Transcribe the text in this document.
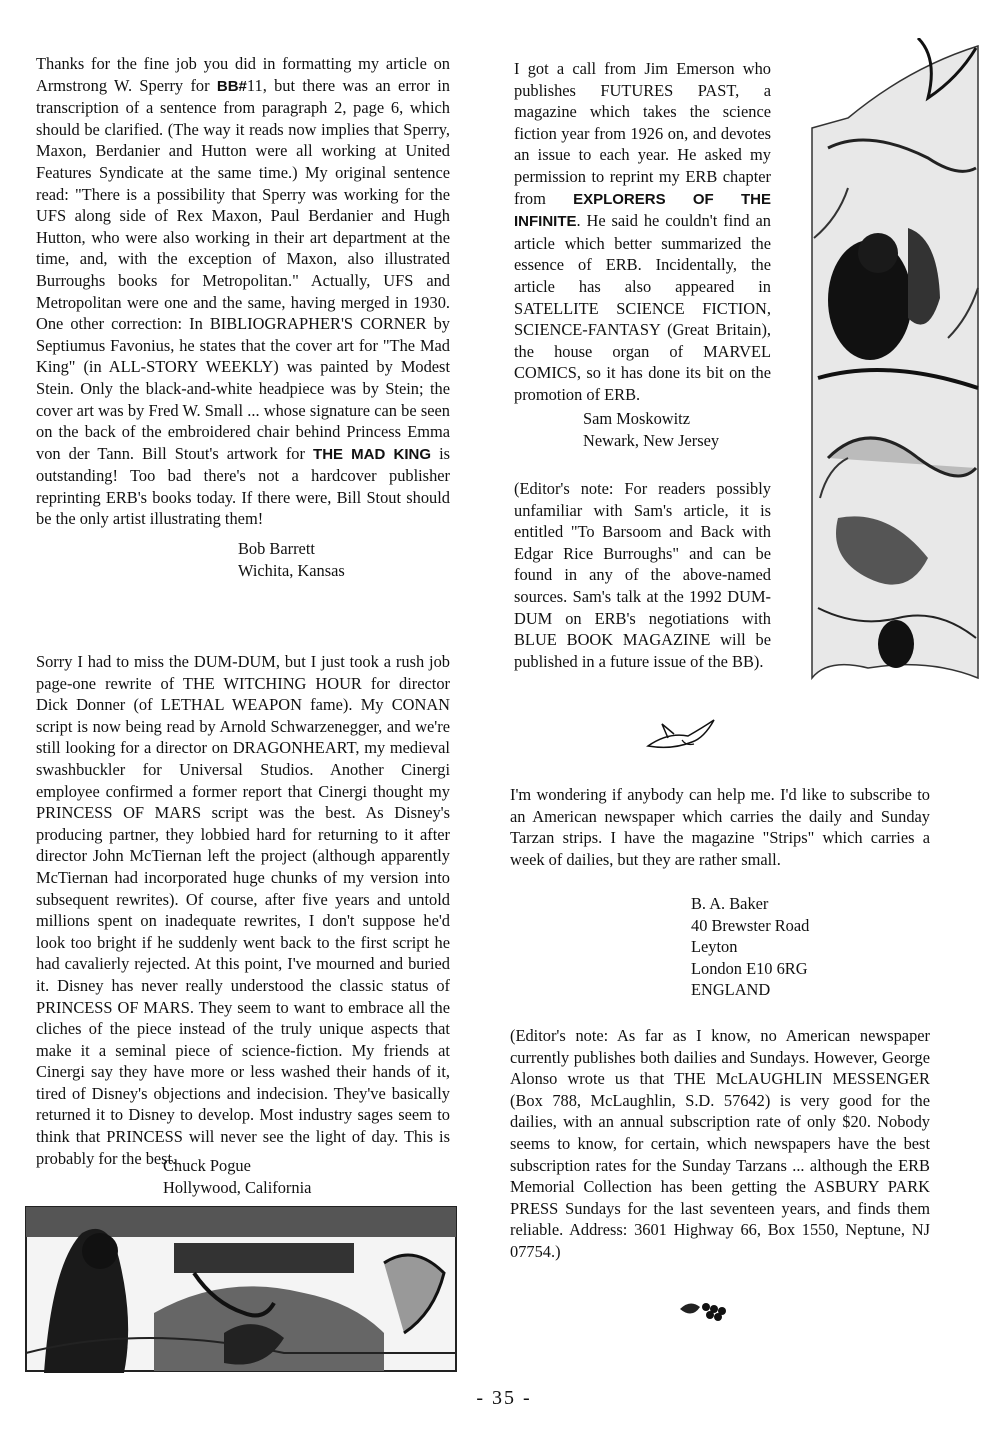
Thanks for the fine job you did in formatting my article on Armstrong W. Sperry for BB#11, but there was an error in transcription of a sentence from paragraph 2, page 6, which should be clarified. (The way it reads now implies that Sperry, Maxon, Berdanier and Hutton were all working at United Features Syndicate at the same time.) My original sentence read: "There is a possibility that Sperry was working for the UFS along side of Rex Maxon, Paul Berdanier and Hugh Hutton, who were also working in their art department at the time, and, with the exception of Maxon, also illustrated Burroughs books for Metropolitan." Actually, UFS and Metropolitan were one and the same, having merged in 1930. One other correction: In BIBLIOGRAPHER'S CORNER by Septiumus Favonius, he states that the cover art for "The Mad King" (in ALL-STORY WEEKLY) was painted by Modest Stein. Only the black-and-white headpiece was by Stein; the cover art was by Fred W. Small ... whose signature can be seen on the back of the embroidered chair behind Princess Emma von der Tann. Bill Stout's artwork for THE MAD KING is outstanding! Too bad there's not a hardcover publisher reprinting ERB's books today. If there were, Bill Stout should be the only artist illustrating them!

Bob Barrett
Wichita, Kansas

Sorry I had to miss the DUM-DUM, but I just took a rush job page-one rewrite of THE WITCHING HOUR for director Dick Donner (of LETHAL WEAPON fame). My CONAN script is now being read by Arnold Schwarzenegger, and we're still looking for a director on DRAGONHEART, my medieval swashbuckler for Universal Studios. Another Cinergi employee confirmed a former report that Cinergi thought my PRINCESS OF MARS script was the best. As Disney's producing partner, they lobbied hard for returning to it after director John McTiernan left the project (although apparently McTiernan had incorporated huge chunks of my version into subsequent rewrites). Of course, after five years and untold millions spent on inadequate rewrites, I don't suppose he'd look too bright if he suddenly went back to the first script he had cavalierly rejected. At this point, I've mourned and buried it. Disney has never really understood the classic status of PRINCESS OF MARS. They seem to want to embrace all the cliches of the piece instead of the truly unique aspects that make it a seminal piece of science-fiction. My friends at Cinergi say they have more or less washed their hands of it, tired of Disney's objections and indecision. They've basically returned it to Disney to develop. Most industry sages seem to think that PRINCESS will never see the light of day. This is probably for the best.

Chuck Pogue
Hollywood, California

I got a call from Jim Emerson who publishes FUTURES PAST, a magazine which takes the science fiction year from 1926 on, and devotes an issue to each year. He asked my permission to reprint my ERB chapter from EXPLORERS OF THE INFINITE. He said he couldn't find an article which better summarized the essence of ERB. Incidentally, the article has also appeared in SATELLITE SCIENCE FICTION, SCIENCE-FANTASY (Great Britain), the house organ of MARVEL COMICS, so it has done its bit on the promotion of ERB.

Sam Moskowitz
Newark, New Jersey

(Editor's note: For readers possibly unfamiliar with Sam's article, it is entitled "To Barsoom and Back with Edgar Rice Burroughs" and can be found in any of the above-named sources. Sam's talk at the 1992 DUM-DUM on ERB's negotiations with BLUE BOOK MAGAZINE will be published in a future issue of the BB).

I'm wondering if anybody can help me. I'd like to subscribe to an American newspaper which carries the daily and Sunday Tarzan strips. I have the magazine "Strips" which carries a week of dailies, but they are rather small.

B. A. Baker
40 Brewster Road
Leyton
London E10 6RG
ENGLAND

(Editor's note: As far as I know, no American newspaper currently publishes both dailies and Sundays. However, George Alonso wrote us that THE McLAUGHLIN MESSENGER (Box 788, McLaughlin, S.D. 57642) is very good for the dailies, with an annual subscription rate of only $20. Nobody seems to know, for certain, which newspapers have the best subscription rates for the Sunday Tarzans ... although the ERB Memorial Collection has been getting the ASBURY PARK PRESS Sundays for the last seventeen years, and finds them reliable. Address: 3601 Highway 66, Box 1550, Neptune, NJ 07754.)

- 35 -
